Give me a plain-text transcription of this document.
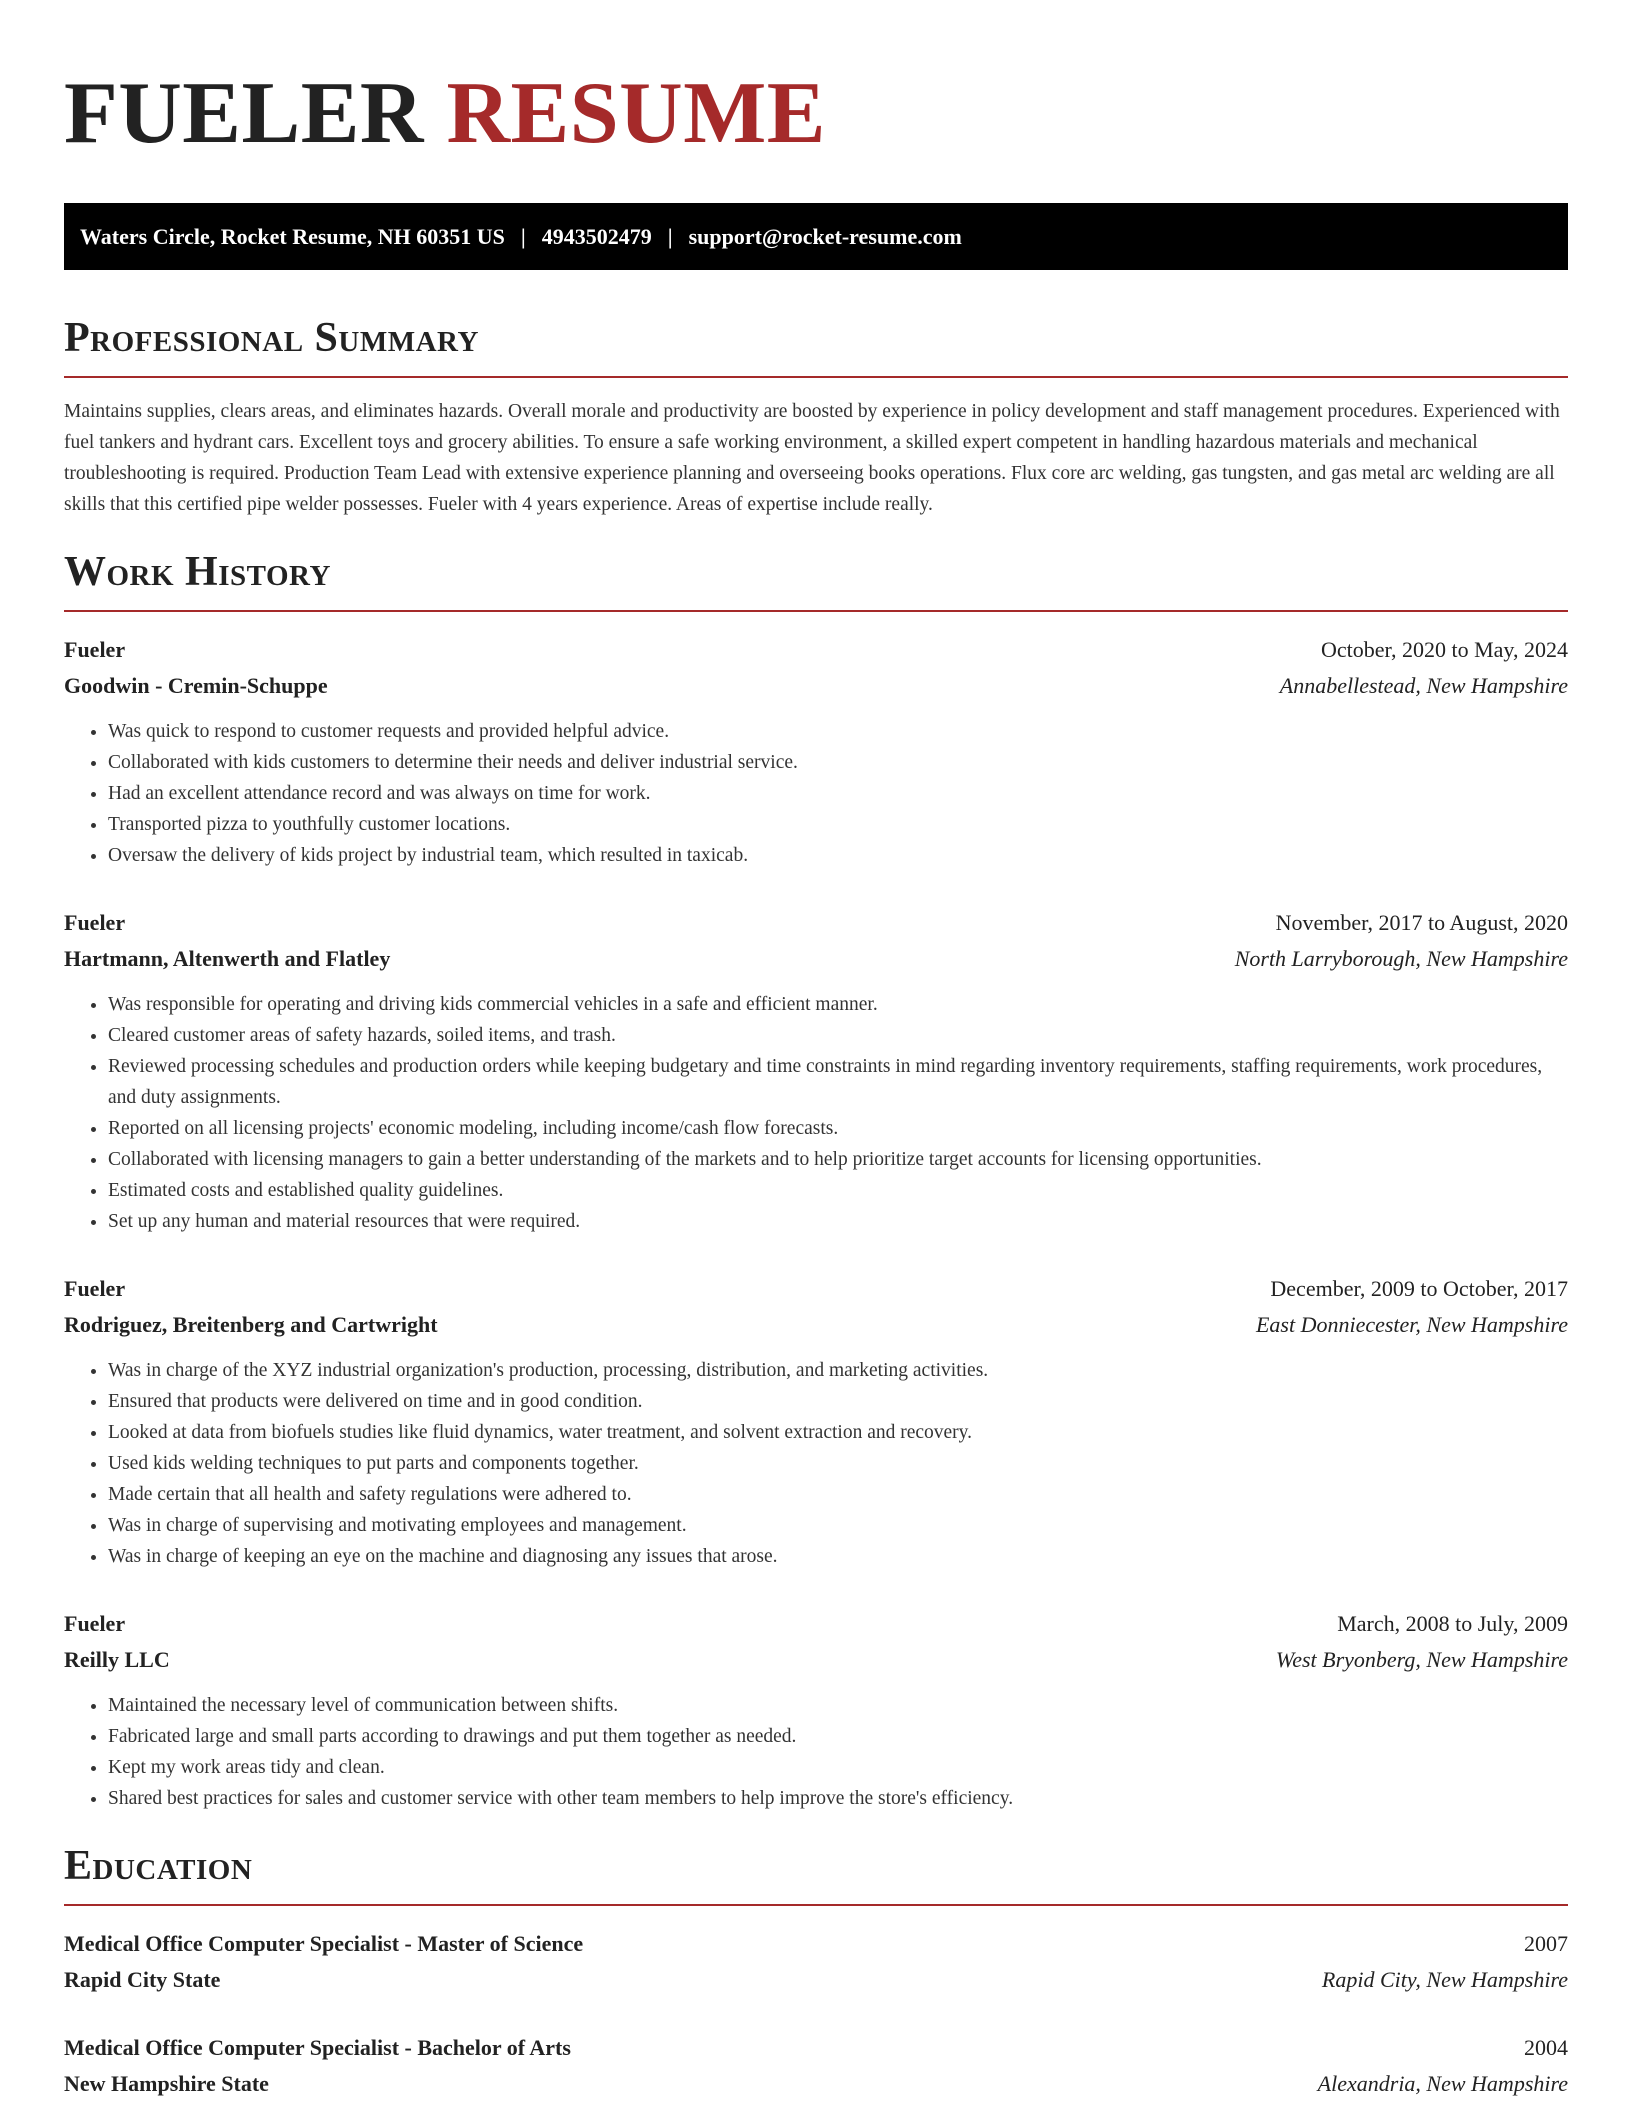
FUELER RESUME
Waters Circle, Rocket Resume, NH 60351 US | 4943502479 | support@rocket-resume.com
Professional Summary

Maintains supplies, clears areas, and eliminates hazards. Overall morale and productivity are boosted by experience in policy development and staff management procedures. Experienced with fuel tankers and hydrant cars. Excellent toys and grocery abilities. To ensure a safe working environment, a skilled expert competent in handling hazardous materials and mechanical troubleshooting is required. Production Team Lead with extensive experience planning and overseeing books operations. Flux core arc welding, gas tungsten, and gas metal arc welding are all skills that this certified pipe welder possesses. Fueler with 4 years experience. Areas of expertise include really.

Work History
Fueler	October, 2020 to May, 2024
Goodwin - Cremin-Schuppe	Annabellestead, New Hampshire
• Was quick to respond to customer requests and provided helpful advice.
• Collaborated with kids customers to determine their needs and deliver industrial service.
• Had an excellent attendance record and was always on time for work.
• Transported pizza to youthfully customer locations.
• Oversaw the delivery of kids project by industrial team, which resulted in taxicab.
Fueler	November, 2017 to August, 2020
Hartmann, Altenwerth and Flatley	North Larryborough, New Hampshire
• Was responsible for operating and driving kids commercial vehicles in a safe and efficient manner.
• Cleared customer areas of safety hazards, soiled items, and trash.
• Reviewed processing schedules and production orders while keeping budgetary and time constraints in mind regarding inventory requirements, staffing requirements, work procedures, and duty assignments.
• Reported on all licensing projects' economic modeling, including income/cash flow forecasts.
• Collaborated with licensing managers to gain a better understanding of the markets and to help prioritize target accounts for licensing opportunities.
• Estimated costs and established quality guidelines.
• Set up any human and material resources that were required.
Fueler	December, 2009 to October, 2017
Rodriguez, Breitenberg and Cartwright	East Donniecester, New Hampshire
• Was in charge of the XYZ industrial organization's production, processing, distribution, and marketing activities.
• Ensured that products were delivered on time and in good condition.
• Looked at data from biofuels studies like fluid dynamics, water treatment, and solvent extraction and recovery.
• Used kids welding techniques to put parts and components together.
• Made certain that all health and safety regulations were adhered to.
• Was in charge of supervising and motivating employees and management.
• Was in charge of keeping an eye on the machine and diagnosing any issues that arose.
Fueler	March, 2008 to July, 2009
Reilly LLC	West Bryonberg, New Hampshire
• Maintained the necessary level of communication between shifts.
• Fabricated large and small parts according to drawings and put them together as needed.
• Kept my work areas tidy and clean.
• Shared best practices for sales and customer service with other team members to help improve the store's efficiency.
Education
Medical Office Computer Specialist - Master of Science	2007
Rapid City State	Rapid City, New Hampshire
Medical Office Computer Specialist - Bachelor of Arts	2004
New Hampshire State	Alexandria, New Hampshire
